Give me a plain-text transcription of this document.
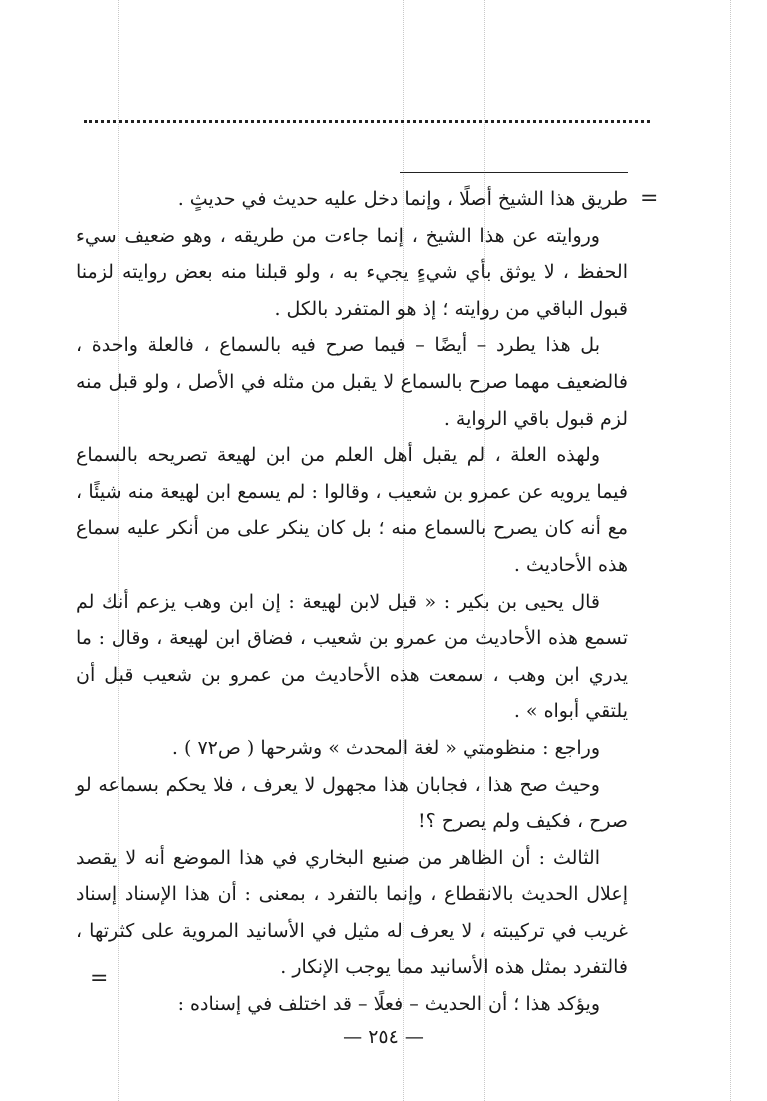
=

طريق هذا الشيخ أصلًا ، وإنما دخل عليه حديث في حديثٍ .

وروايته عن هذا الشيخ ، إنما جاءت من طريقه ، وهو ضعيف سيء الحفظ ، لا يوثق بأي شيءٍ يجيء به ، ولو قبلنا منه بعض روايته لزمنا قبول الباقي من روايته ؛ إذ هو المتفرد بالكل .

بل هذا يطرد – أيضًا – فيما صرح فيه بالسماع ، فالعلة واحدة ، فالضعيف مهما صرح بالسماع لا يقبل من مثله في الأصل ، ولو قبل منه لزم قبول باقي الرواية .

ولهذه العلة ، لم يقبل أهل العلم من ابن لهيعة تصريحه بالسماع فيما يرويه عن عمرو بن شعيب ، وقالوا : لم يسمع ابن لهيعة منه شيئًا ، مع أنه كان يصرح بالسماع منه ؛ بل كان ينكر على من أنكر عليه سماع هذه الأحاديث .

قال يحيى بن بكير : « قيل لابن لهيعة : إن ابن وهب يزعم أنك لم تسمع هذه الأحاديث من عمرو بن شعيب ، فضاق ابن لهيعة ، وقال : ما يدري ابن وهب ، سمعت هذه الأحاديث من عمرو بن شعيب قبل أن يلتقي أبواه » .

وراجع : منظومتي « لغة المحدث » وشرحها ( ص٧٢ ) .

وحيث صح هذا ، فجابان هذا مجهول لا يعرف ، فلا يحكم بسماعه لو صرح ، فكيف ولم يصرح ؟!

الثالث : أن الظاهر من صنيع البخاري في هذا الموضع أنه لا يقصد إعلال الحديث بالانقطاع ، وإنما بالتفرد ، بمعنى : أن هذا الإسناد إسناد غريب في تركيبته ، لا يعرف له مثيل في الأسانيد المروية على كثرتها ، فالتفرد بمثل هذه الأسانيد مما يوجب الإنكار .

ويؤكد هذا ؛ أن الحديث – فعلًا – قد اختلف في إسناده :

=
— ٢٥٤ —
